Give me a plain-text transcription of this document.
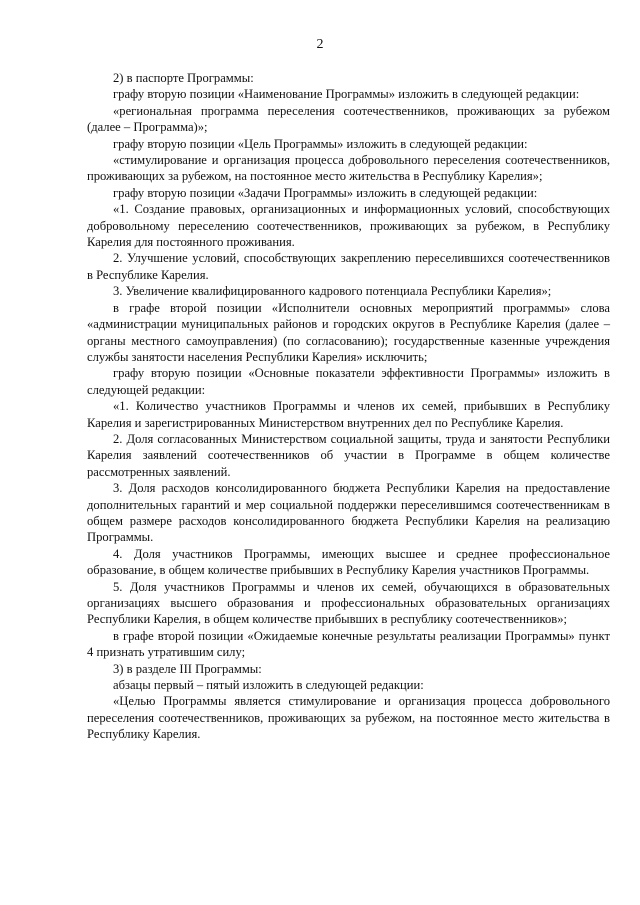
2

2) в паспорте Программы:

графу вторую позиции «Наименование Программы» изложить в следующей редакции:

«региональная программа переселения соотечественников, проживающих за рубежом (далее – Программа)»;

графу вторую позиции «Цель Программы» изложить в следующей редакции:

«стимулирование и организация процесса добровольного переселения соотечественников, проживающих за рубежом, на постоянное место жительства в Республику Карелия»;

графу вторую позиции «Задачи Программы» изложить в следующей редакции:

«1. Создание правовых, организационных и информационных условий, способствующих добровольному переселению соотечественников, проживающих за рубежом, в Республику Карелия для постоянного проживания.

2. Улучшение условий, способствующих закреплению переселившихся соотечественников в Республике Карелия.

3. Увеличение квалифицированного кадрового потенциала Республики Карелия»;

в графе второй позиции «Исполнители основных мероприятий программы» слова «администрации муниципальных районов и городских округов в Республике Карелия (далее – органы местного самоуправления) (по согласованию); государственные казенные учреждения службы занятости населения Республики Карелия» исключить;

графу вторую позиции «Основные показатели эффективности Программы» изложить в следующей редакции:

«1. Количество участников Программы и членов их семей, прибывших в Республику Карелия и зарегистрированных Министерством внутренних дел по Республике Карелия.

2. Доля согласованных Министерством социальной защиты, труда и занятости Республики Карелия заявлений соотечественников об участии в Программе в общем количестве рассмотренных заявлений.

3. Доля расходов консолидированного бюджета Республики Карелия на предоставление дополнительных гарантий и мер социальной поддержки переселившимся соотечественникам в общем размере расходов консолидированного бюджета Республики Карелия на реализацию Программы.

4. Доля участников Программы, имеющих высшее и среднее профессиональное образование, в общем количестве прибывших в Республику Карелия участников Программы.

5. Доля участников Программы и членов их семей, обучающихся в образовательных организациях высшего образования и профессиональных образовательных организациях Республики Карелия, в общем количестве прибывших в республику соотечественников»;

в графе второй позиции «Ожидаемые конечные результаты реализации Программы» пункт 4 признать утратившим силу;

3) в разделе III Программы:

абзацы первый – пятый изложить в следующей редакции:

«Целью Программы является стимулирование и организация процесса добровольного переселения соотечественников, проживающих за рубежом, на постоянное место жительства в Республику Карелия.
